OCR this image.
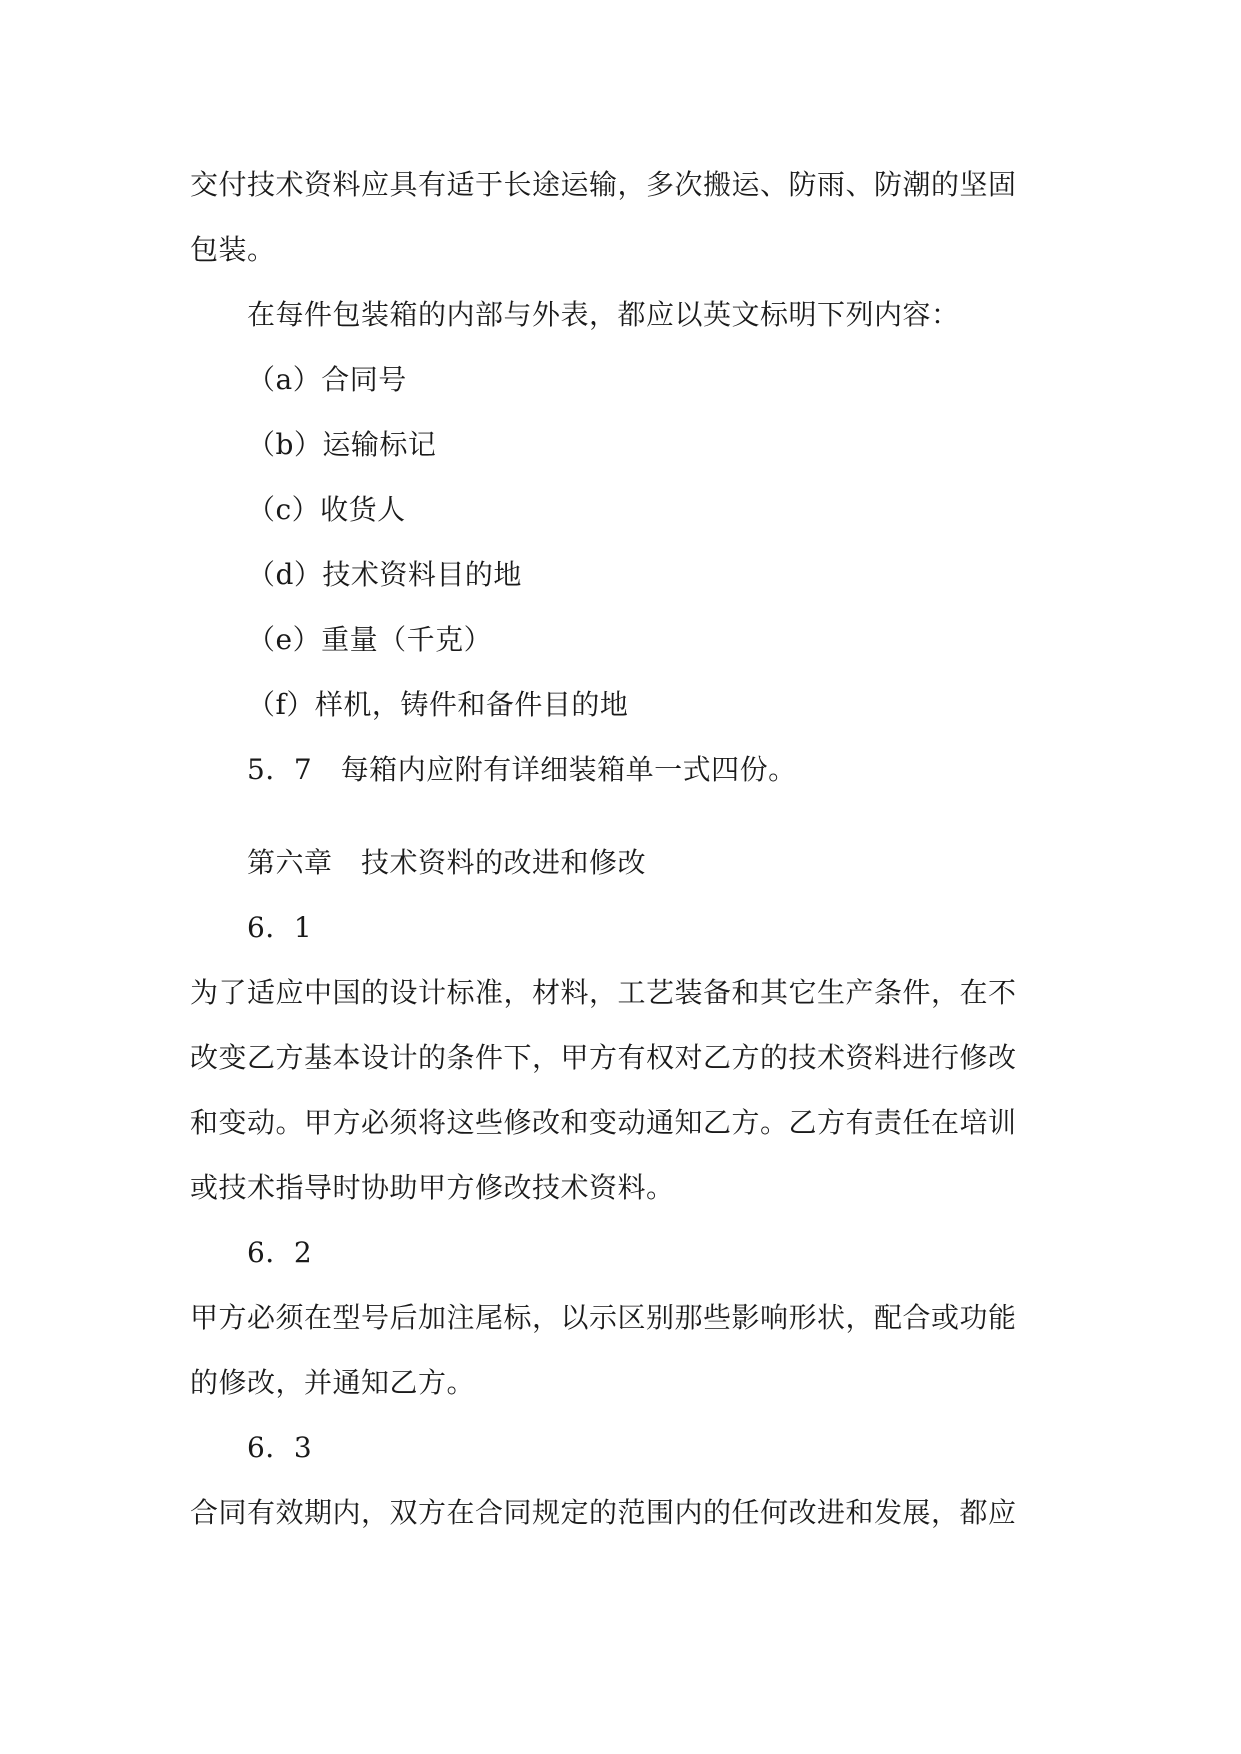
交付技术资料应具有适于长途运输，多次搬运、防雨、防潮的坚固
包装。
在每件包装箱的内部与外表，都应以英文标明下列内容：
（a）合同号
（b）运输标记
（c）收货人
（d）技术资料目的地
（e）重量（千克）
（f）样机，铸件和备件目的地
5．7　每箱内应附有详细装箱单一式四份。
第六章　技术资料的改进和修改
6．1
为了适应中国的设计标准，材料，工艺装备和其它生产条件，在不
改变乙方基本设计的条件下，甲方有权对乙方的技术资料进行修改
和变动。甲方必须将这些修改和变动通知乙方。乙方有责任在培训
或技术指导时协助甲方修改技术资料。
6．2
甲方必须在型号后加注尾标，以示区别那些影响形状，配合或功能
的修改，并通知乙方。
6．3
合同有效期内，双方在合同规定的范围内的任何改进和发展，都应
